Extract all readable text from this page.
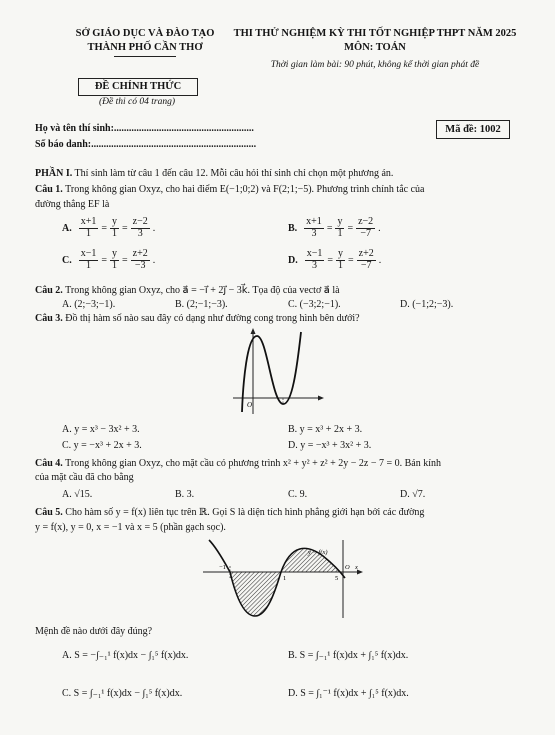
SỞ GIÁO DỤC VÀ ĐÀO TẠO
THÀNH PHỐ CẦN THƠ
ĐỀ CHÍNH THỨC
(Đề thi có 04 trang)
THI THỬ NGHIỆM KỲ THI TỐT NGHIỆP THPT NĂM 2025
MÔN: TOÁN
Thời gian làm bài: 90 phút, không kể thời gian phát đề
Họ và tên thí sinh:........................................................
Số báo danh:..................................................................
Mã đề: 1002
PHẦN I. Thí sinh làm từ câu 1 đến câu 12. Mỗi câu hỏi thí sinh chỉ chọn một phương án.
Câu 1. Trong không gian Oxyz, cho hai điểm E(−1;0;2) và F(2;1;−5). Phương trình chính tắc của
đường thẳng EF là
A. $\frac{x+1}{1} = \frac{y}{1} = \frac{z-2}{3}$ .	B. $\frac{x+1}{3} = \frac{y}{1} = \frac{z-2}{-7}$ .
C. $\frac{x-1}{1} = \frac{y}{1} = \frac{z+2}{-3}$ .	D. $\frac{x-1}{3} = \frac{y}{1} = \frac{z+2}{-7}$ .
Câu 2. Trong không gian Oxyz, cho a⃗ = −i⃗ + 2j⃗ − 3k⃗. Tọa độ của vectơ a⃗ là
A. (2;−3;−1).	B. (2;−1;−3).	C. (−3;2;−1).	D. (−1;2;−3).
Câu 3. Đồ thị hàm số nào sau đây có dạng như đường cong trong hình bên dưới?
O
A. y = x³ − 3x² + 3.	B. y = x³ + 2x + 3.
C. y = −x³ + 2x + 3.	D. y = −x³ + 3x² + 3.
Câu 4. Trong không gian Oxyz, cho mặt cầu có phương trình x² + y² + z² + 2y − 2z − 7 = 0. Bán kính
của mặt cầu đã cho bằng
A. √15.	B. 3.	C. 9.	D. √7.
Câu 5. Cho hàm số y = f(x) liên tục trên ℝ. Gọi S là diện tích hình phẳng giới hạn bởi các đường
y = f(x), y = 0, x = −1 và x = 5 (phần gạch sọc).
y = f(x)
−1
1	5
O x
Mệnh đề nào dưới đây đúng?
A. S = −∫₋₁¹ f(x)dx − ∫₁⁵ f(x)dx.	B. S = ∫₋₁¹ f(x)dx + ∫₁⁵ f(x)dx.
C. S = ∫₋₁¹ f(x)dx − ∫₁⁵ f(x)dx.	D. S = ∫₁⁻¹ f(x)dx + ∫₁⁵ f(x)dx.
